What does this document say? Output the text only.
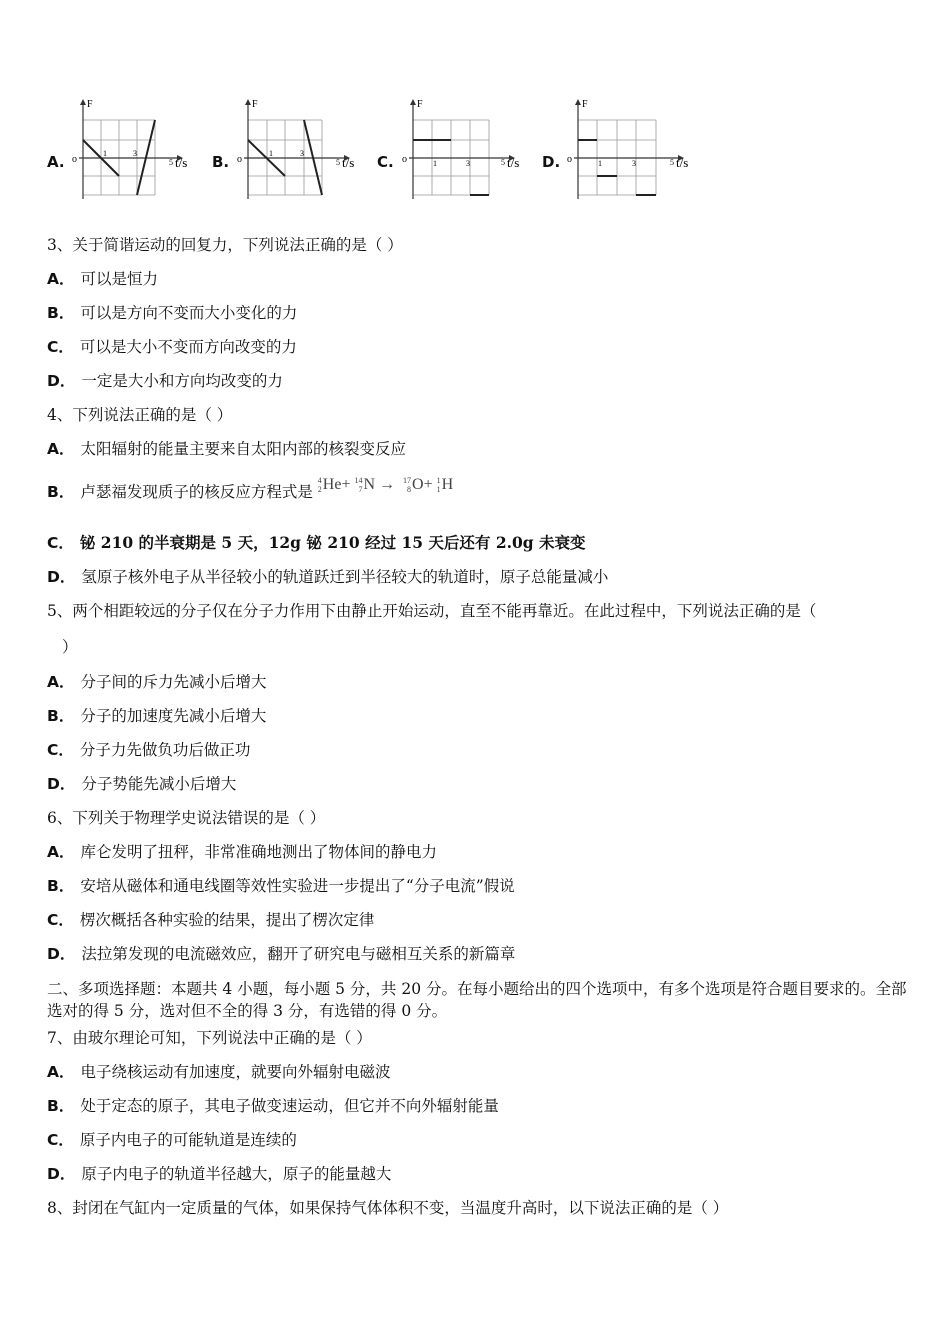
A.	B.	C.	D.
F
o
1	3
5 t/s
F
o
1	3
5 t/s
F
o	1	3	5 t/s
F
o	1	3	5 t/s
3、关于简谐运动的回复力，下列说法正确的是（ ）
A． 可以是恒力
B． 可以是方向不变而大小变化的力
C． 可以是大小不变而方向改变的力
D． 一定是大小和方向均改变的力
4、下列说法正确的是（ ）
A． 太阳辐射的能量主要来自太阳内部的核裂变反应
B． 卢瑟福发现质子的核反应方程式是
4
2 He+ 14
7 N → 17
8 O+ 1
1 H
C． 铋 210 的半衰期是 5 天，12g 铋 210 经过 15 天后还有 2.0g 未衰变
D． 氢原子核外电子从半径较小的轨道跃迁到半径较大的轨道时，原子总能量减小
5、两个相距较远的分子仅在分子力作用下由静止开始运动，直至不能再靠近。在此过程中，下列说法正确的是（
）
A． 分子间的斥力先减小后增大
B． 分子的加速度先减小后增大
C． 分子力先做负功后做正功
D． 分子势能先减小后增大
6、下列关于物理学史说法错误的是（ ）
A． 库仑发明了扭秤，非常准确地测出了物体间的静电力
B． 安培从磁体和通电线圈等效性实验进一步提出了“分子电流”假说
C． 楞次概括各种实验的结果，提出了楞次定律
D． 法拉第发现的电流磁效应，翻开了研究电与磁相互关系的新篇章
二、多项选择题：本题共 4 小题，每小题 5 分，共 20 分。在每小题给出的四个选项中，有多个选项是符合题目要求的。全部选对的得 5 分，选对但不全的得 3 分，有选错的得 0 分。
7、由玻尔理论可知，下列说法中正确的是（ ）
A． 电子绕核运动有加速度，就要向外辐射电磁波
B． 处于定态的原子，其电子做变速运动，但它并不向外辐射能量
C． 原子内电子的可能轨道是连续的
D． 原子内电子的轨道半径越大，原子的能量越大
8、封闭在气缸内一定质量的气体，如果保持气体体积不变，当温度升高时，以下说法正确的是（ ）
